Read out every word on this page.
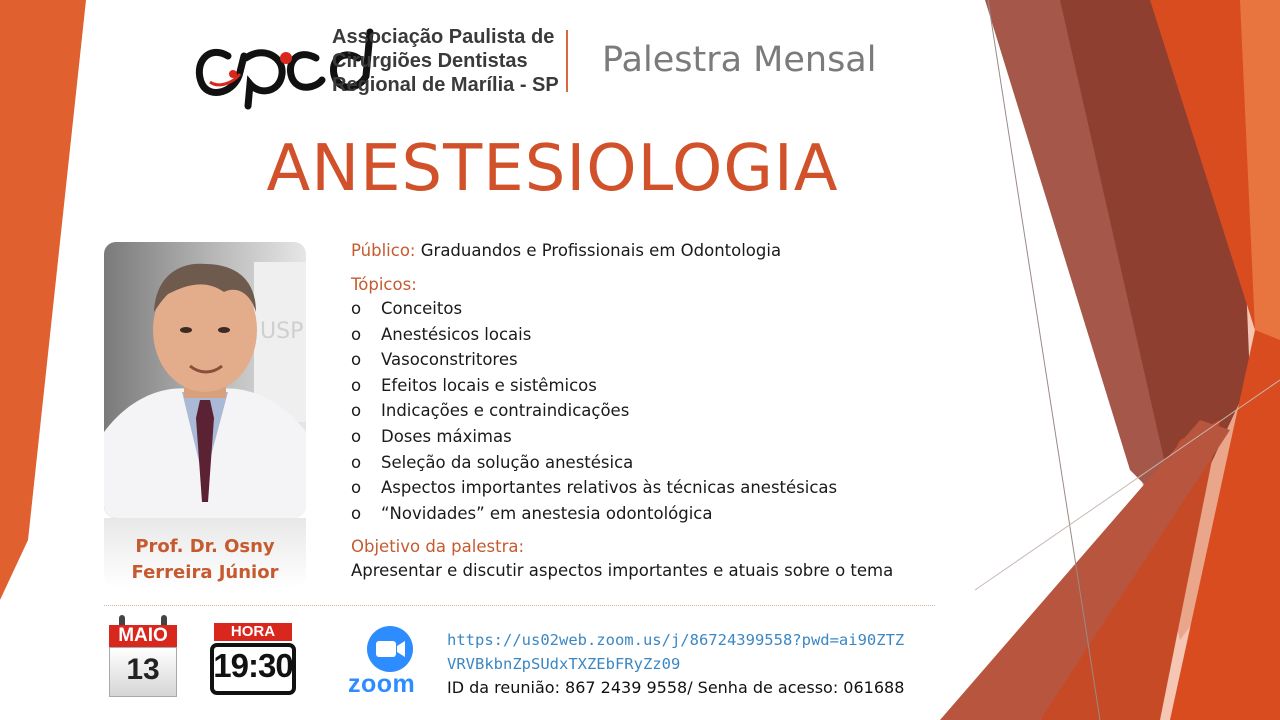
Associação Paulista de
Cirurgiões Dentistas
Regional de Marília - SP
Palestra Mensal
ANESTESIOLOGIA
USP
Prof. Dr. Osny
Ferreira Júnior
Público: Graduandos e Profissionais em Odontologia
Tópicos:
o	Conceitos
o	Anestésicos locais
o	Vasoconstritores
o	Efeitos locais e sistêmicos
o	Indicações e contraindicações
o	Doses máximas
o	Seleção da solução anestésica
o	Aspectos importantes relativos às técnicas anestésicas
o	“Novidades” em anestesia odontológica
Objetivo da palestra:
Apresentar e discutir aspectos importantes e atuais sobre o tema
MAIO
13
HORA
19:30 zoom
https://us02web.zoom.us/j/86724399558?pwd=ai90ZTZ
VRVBkbnZpSUdxTXZEbFRyZz09
ID da reunião: 867 2439 9558/ Senha de acesso: 061688
